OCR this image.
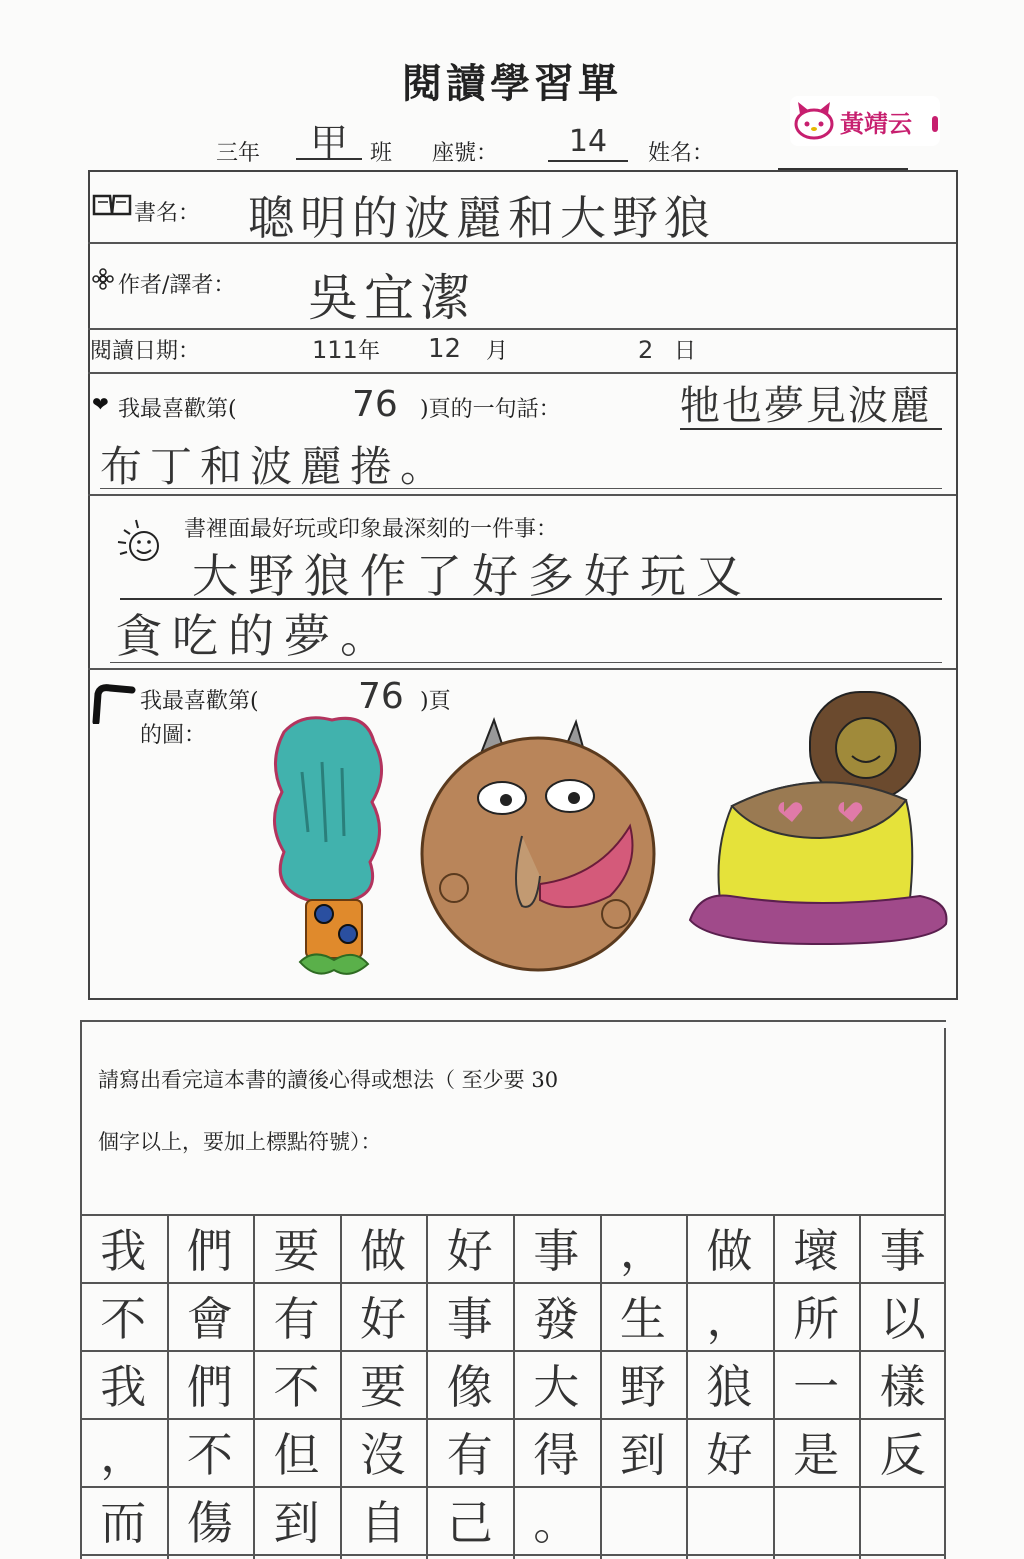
閱讀學習單
三年	甲	班 座號：	14	姓名：
黃靖云
書名： 聰明的波麗和大野狼
作者/譯者： 吳宜潔
閱讀日期：	111 年 12 月	2 日
❤ 我最喜歡第(	76 )頁的一句話：	牠也夢見波麗
布丁和波麗捲。
書裡面最好玩或印象最深刻的一件事：
大野狼作了好多好玩又
貪吃的夢。
我最喜歡第(	76 )頁
的圖：
請寫出看完這本書的讀後心得或想法（ 至少要 30
個字以上，要加上標點符號）：
我 們 要 做 好 事 ， 做 壞 事
不 會 有 好 事 發 生 ， 所 以
我 們 不 要 像 大 野 狼 一 樣
， 不 但 沒 有 得 到 好 是 反
而 傷 到 自 己 。
